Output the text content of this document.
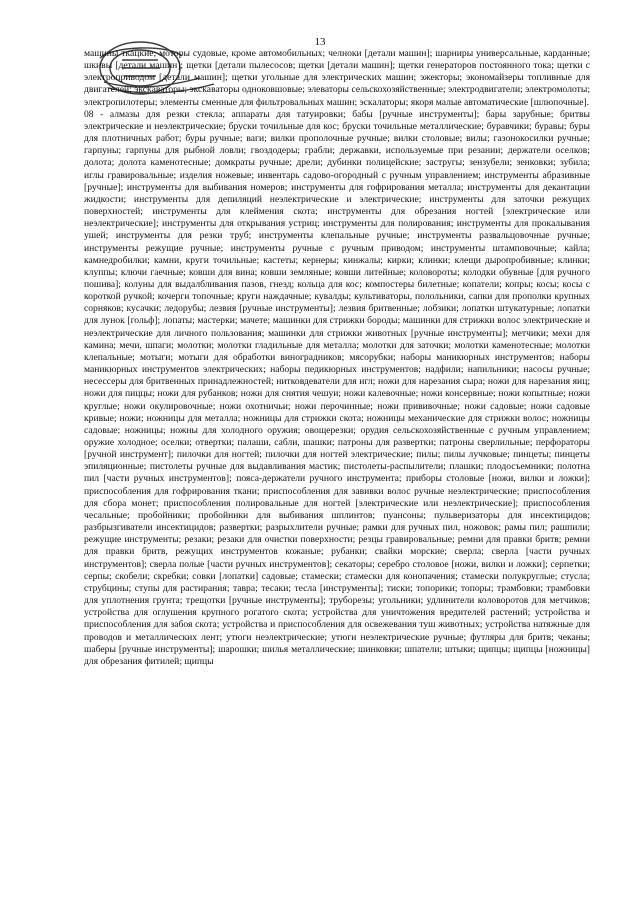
13

машины ткацкие; моторы судовые, кроме автомобильных; челноки [детали машин]; шарниры универсальные, карданные; шкивы [детали машин]; щетки [детали пылесосов; щетки [детали машин]; щетки генераторов постоянного тока; щетки с электроприводом [детали машин]; щетки угольные для электрических машин; эжекторы; экономайзеры топливные для двигателей; экскаваторы; экскаваторы одноковшовые; элеваторы сельскохозяйственные; электродвигатели; электромолоты; электропилотеры; элементы сменные для фильтровальных машин; эскалаторы; якоря малые автоматические [шлюпочные].

08 - алмазы для резки стекла; аппараты для татуировки; бабы [ручные инструменты]; бары зарубные; бритвы электрические и неэлектрические; бруски точильные для кос; бруски точильные металлические; буравчики; буравы; буры для плотничных работ; буры ручные; ваги; вилки прополочные ручные; вилки столовые; вилы; газонокосилки ручные; гарпуны; гарпуны для рыбной ловли; гвоздодеры; грабли; державки, используемые при резании; держатели оселков; долота; долота каменотесные; домкраты ручные; дрели; дубинки полицейские; застругы; зензубели; зенковки; зубила; иглы гравировальные; изделия ножевые; инвентарь садово-огородный с ручным управлением; инструменты абразивные [ручные]; инструменты для выбивания номеров; инструменты для гофрирования металла; инструменты для декантации жидкости; инструменты для депиляций неэлектрические и электрические; инструменты для заточки режущих поверхностей; инструменты для клеймения скота; инструменты для обрезания ногтей [электрические или неэлектрические]; инструменты для открывания устриц; инструменты для полирования; инструменты для прокалывания ушей; инструменты для резки труб; инструменты клепальные ручные; инструменты развальцовочные ручные; инструменты режущие ручные; инструменты ручные с ручным приводом; инструменты штамповочные; кайла; камнедробилки; камни, круги точильные; кастеты; кернеры; кинжалы; кирки; клинки; клещи дыропробивные; клинки; клуппы; ключи гаечные; ковши для вина; ковши земляные; ковши литейные; коловороты; колодки обувные [для ручного пошива]; колуны для выдалбливания пазов, гнезд; кольца для кос; компостеры билетные; копатели; копры; косы; косы с короткой ручкой; кочерги топочные; круги наждачные; кувалды; культиваторы, полольники, сапки для прополки крупных сорняков; кусачки; ледорубы; лезвия [ручные инструменты]; лезвия бритвенные; лобзики; лопатки штукатурные; лопатки для лунок [гольф]; лопаты; мастерки; мачете; машинки для стрижки бороды; машинки для стрижки волос электрические и неэлектрические для личного пользования; машинки для стрижки животных [ручные инструменты]; метчики; мехи для камина; мечи, шпаги; молотки; молотки гладильные для металла; молотки для заточки; молотки каменотесные; молотки клепальные; мотыги; мотыги для обработки виноградников; мясорубки; наборы маникюрных инструментов; наборы маникюрных инструментов электрических; наборы педикюрных инструментов; надфили; напильники; насосы ручные; несессеры для бритвенных принадлежностей; нитковдеватели для игл; ножи для нарезания сыра; ножи для нарезания яиц; ножи для пиццы; ножи для рубанков; ножи для снятия чешуи; ножи калевочные; ножи консервные; ножи копытные; ножи круглые; ножи окулировочные; ножи охотничьи; ножи перочинные; ножи прививочные; ножи садовые; ножи садовые кривые; ножи; ножницы для металла; ножницы для стрижки скота; ножницы механические для стрижки волос; ножницы садовые; ножницы; ножны для холодного оружия; овощерезки; орудия сельскохозяйственные с ручным управлением; оружие холодное; оселки; отвертки; палаши, сабли, шашки; патроны для развертки; патроны сверлильные; перфораторы [ручной инструмент]; пилочки для ногтей; пилочки для ногтей электрические; пилы; пилы лучковые; пинцеты; пинцеты эпиляционные; пистолеты ручные для выдавливания мастик; пистолеты-распылители; плашки; плодосъемники; полотна пил [части ручных инструментов]; пояса-держатели ручного инструмента; приборы столовые [ножи, вилки и ложки]; приспособления для гофрирования ткани; приспособления для завивки волос ручные неэлектрические; приспособления для сбора монет; приспособления полировальные для ногтей [электрические или неэлектрические]; приспособления чесальные; пробойники; пробойники для выбивания шплинтов; пуансоны; пульверизаторы для инсектицидов; разбрызгиватели инсектицидов; развертки; разрыхлители ручные; рамки для ручных пил, ножовок; рамы пил; рашпили; режущие инструменты; резаки; резаки для очистки поверхности; резцы гравировальные; ремни для правки бритв; ремни для правки бритв, режущих инструментов кожаные; рубанки; свайки морские; сверла; сверла [части ручных инструментов]; сверла полые [части ручных инструментов]; секаторы; серебро столовое [ножи, вилки и ложки]; серпетки; серпы; скобели; скребки; совки [лопатки] садовые; стамески; стамески для конопачения; стамески полукруглые; стусла; струбцины; ступы для растирания; тавра; тесаки; тесла [инструменты]; тиски; топорики; топоры; трамбовки; трамбовки для уплотнения грунта; трещотки [ручные инструменты]; труборезы; угольники; удлинители коловоротов для метчиков; устройства для оглушения крупного рогатого скота; устройства для уничтожения вредителей растений; устройства и приспособления для забоя скота; устройства и приспособления для освежевания туш животных; устройства натяжные для проводов и металлических лент; утюги неэлектрические; утюги неэлектрические ручные; футляры для бритв; чеканы; шаберы [ручные инструменты]; шарошки; шилья металлические; шинковки; шпатели; штыки; щипцы; щипцы [ножницы] для обрезания фитилей; щипцы
